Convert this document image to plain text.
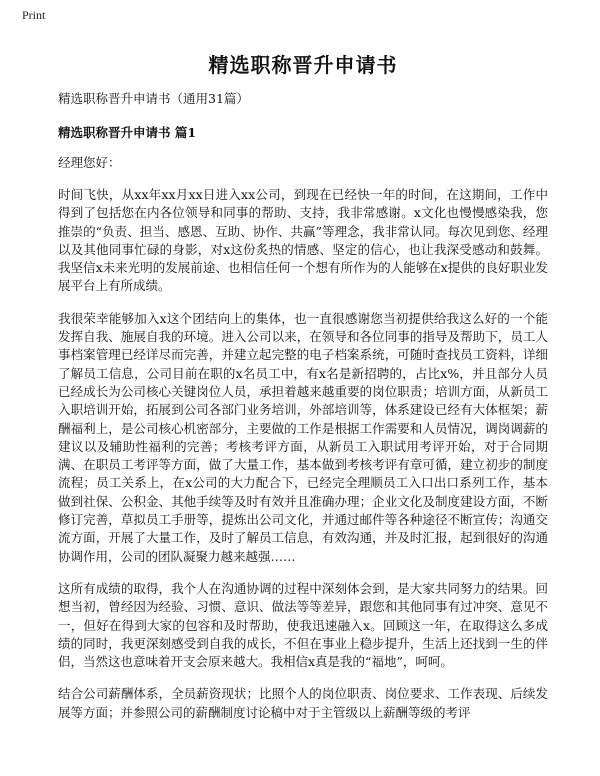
Print
精选职称晋升申请书

精选职称晋升申请书（通用31篇）

精选职称晋升申请书 篇1

经理您好：

时间飞快，从xx年xx月xx日进入xx公司，到现在已经快一年的时间，在这期间，工作中得到了包括您在内各位领导和同事的帮助、支持，我非常感谢。x文化也慢慢感染我，您推崇的“负责、担当、感恩、互助、协作、共赢”等理念，我非常认同。每次见到您、经理以及其他同事忙碌的身影，对x这份炙热的情感、坚定的信心，也让我深受感动和鼓舞。我坚信x未来光明的发展前途、也相信任何一个想有所作为的人能够在x提供的良好职业发展平台上有所成绩。

我很荣幸能够加入x这个团结向上的集体，也一直很感谢您当初提供给我这么好的一个能发挥自我、施展自我的环境。进入公司以来，在领导和各位同事的指导及帮助下，员工人事档案管理已经详尽而完善，并建立起完整的电子档案系统，可随时查找员工资料，详细了解员工信息，公司目前在职的x名员工中，有x名是新招聘的，占比x%，并且部分人员已经成长为公司核心关键岗位人员，承担着越来越重要的岗位职责；培训方面，从新员工入职培训开始，拓展到公司各部门业务培训，外部培训等，体系建设已经有大体框架；薪酬福利上，是公司核心机密部分，主要做的工作是根据工作需要和人员情况，调岗调薪的建议以及辅助性福利的完善；考核考评方面，从新员工入职试用考评开始，对于合同期满、在职员工考评等方面，做了大量工作，基本做到考核考评有章可循，建立初步的制度流程；员工关系上，在x公司的大力配合下，已经完全理顺员工入口出口系列工作，基本做到社保、公积金、其他手续等及时有效并且准确办理；企业文化及制度建设方面，不断修订完善，草拟员工手册等，提炼出公司文化，并通过邮件等各种途径不断宣传；沟通交流方面，开展了大量工作，及时了解员工信息，有效沟通，并及时汇报，起到很好的沟通协调作用，公司的团队凝聚力越来越强……

这所有成绩的取得，我个人在沟通协调的过程中深刻体会到，是大家共同努力的结果。回想当初，曾经因为经验、习惯、意识、做法等等差异，跟您和其他同事有过冲突、意见不一，但好在得到大家的包容和及时帮助，使我迅速融入x。回顾这一年，在取得这么多成绩的同时，我更深刻感受到自我的成长，不但在事业上稳步提升，生活上还找到一生的伴侣，当然这也意味着开支会原来越大。我相信x真是我的“福地”，呵呵。

结合公司薪酬体系，全员薪资现状；比照个人的岗位职责、岗位要求、工作表现、后续发展等方面；并参照公司的薪酬制度讨论稿中对于主管级以上薪酬等级的考评
